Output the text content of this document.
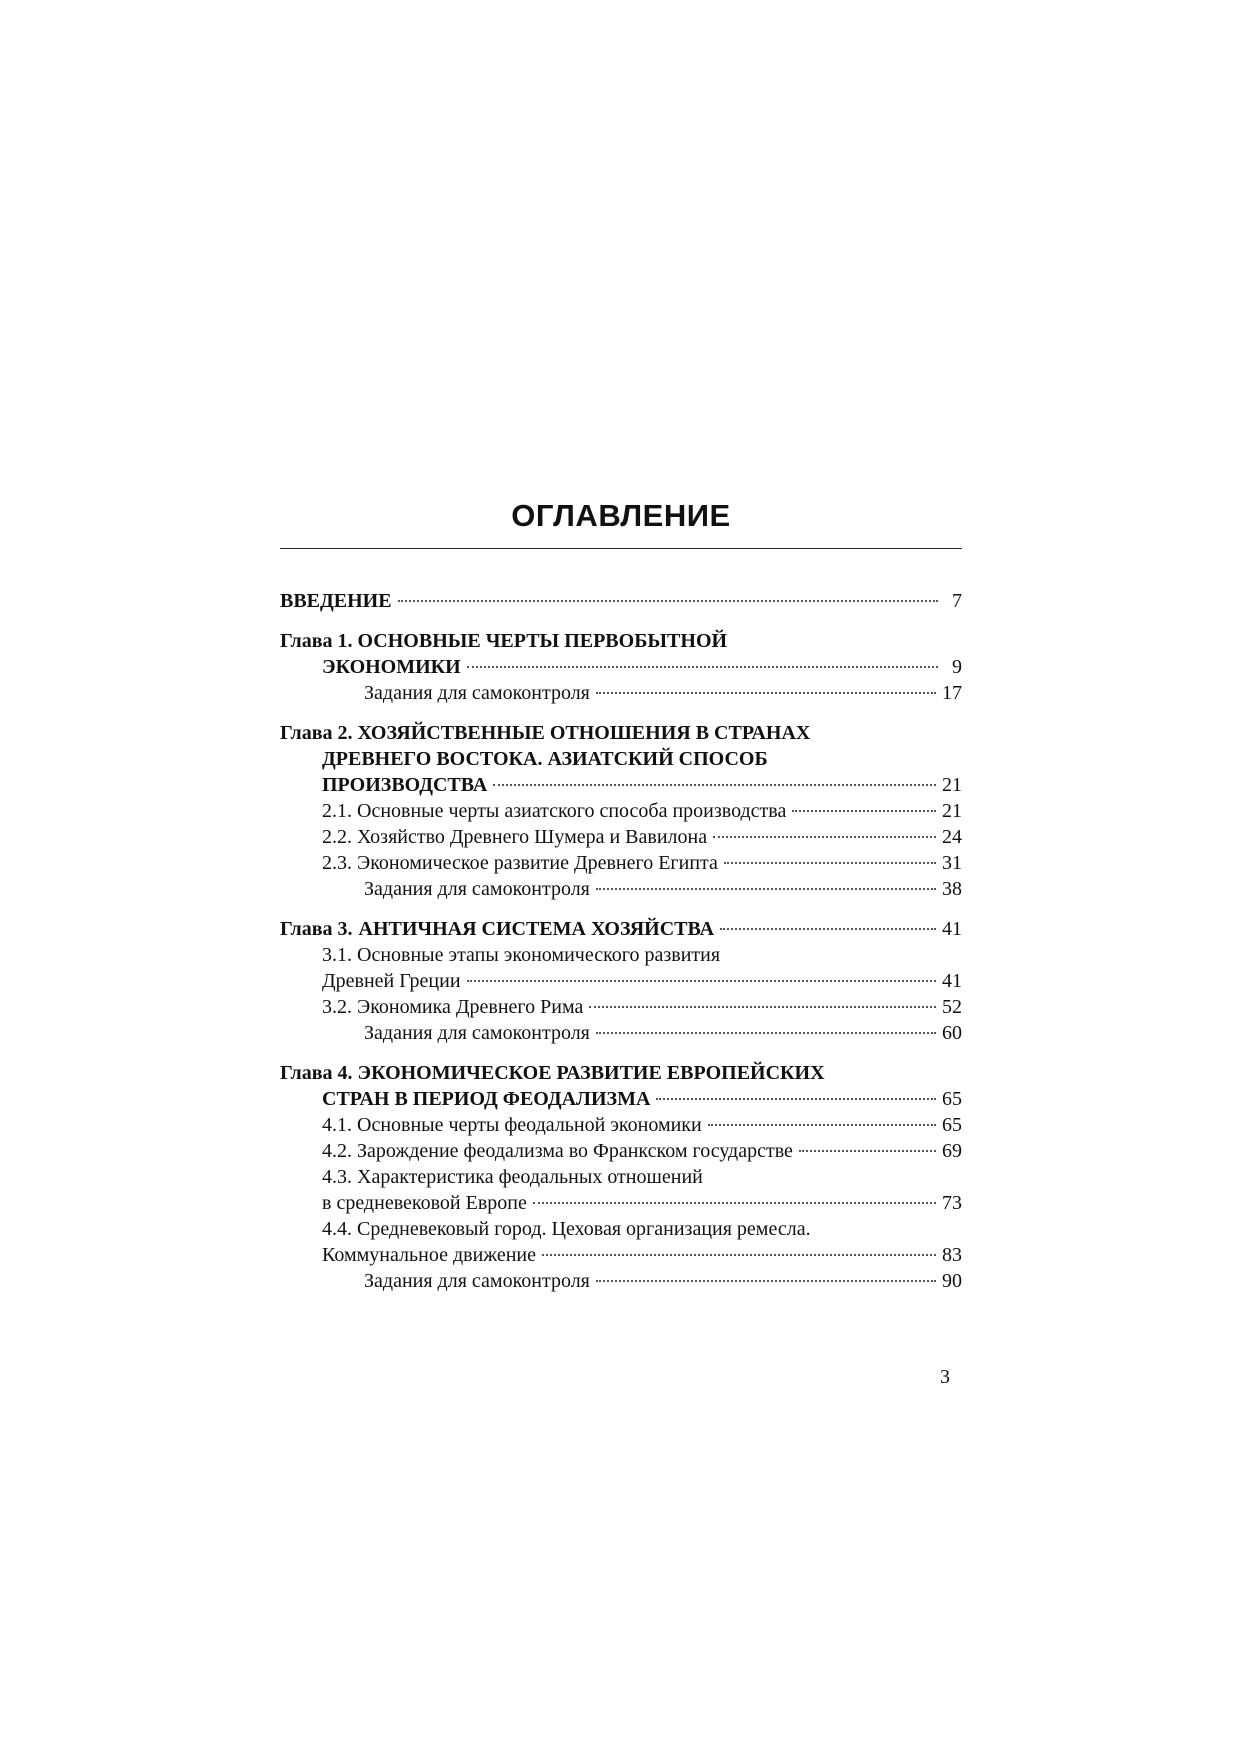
ОГЛАВЛЕНИЕ
ВВЕДЕНИЕ	7
Глава 1. ОСНОВНЫЕ ЧЕРТЫ ПЕРВОБЫТНОЙ
ЭКОНОМИКИ	9
Задания для самоконтроля	17
Глава 2. ХОЗЯЙСТВЕННЫЕ ОТНОШЕНИЯ В СТРАНАХ
ДРЕВНЕГО ВОСТОКА. АЗИАТСКИЙ СПОСОБ
ПРОИЗВОДСТВА	21
2.1. Основные черты азиатского способа производства	21
2.2. Хозяйство Древнего Шумера и Вавилона	24
2.3. Экономическое развитие Древнего Египта	31
Задания для самоконтроля	38
Глава 3. АНТИЧНАЯ СИСТЕМА ХОЗЯЙСТВА	41
3.1. Основные этапы экономического развития
Древней Греции	41
3.2. Экономика Древнего Рима	52
Задания для самоконтроля	60
Глава 4. ЭКОНОМИЧЕСКОЕ РАЗВИТИЕ ЕВРОПЕЙСКИХ
СТРАН В ПЕРИОД ФЕОДАЛИЗМА	65
4.1. Основные черты феодальной экономики	65
4.2. Зарождение феодализма во Франкском государстве	69
4.3. Характеристика феодальных отношений
в средневековой Европе	73
4.4. Средневековый город. Цеховая организация ремесла.
Коммунальное движение	83
Задания для самоконтроля	90
3
